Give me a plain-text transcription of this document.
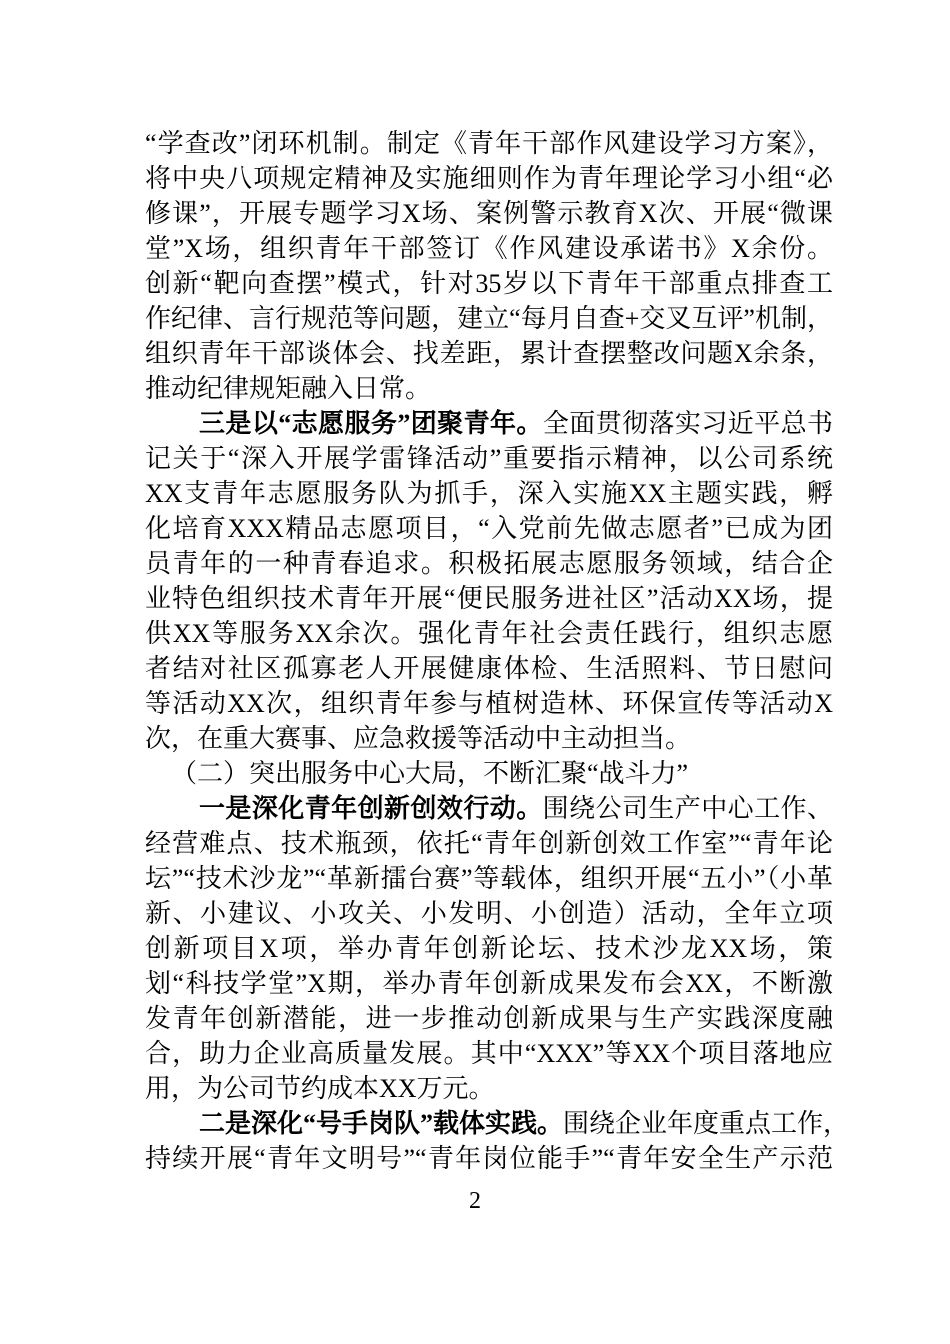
“学查改”闭环机制。制定《青年干部作风建设学习方案》，
将中央八项规定精神及实施细则作为青年理论学习小组“必
修课”，开展专题学习X场、案例警示教育X次、开展“微课
堂”X场，组织青年干部签订《作风建设承诺书》X余份。
创新“靶向查摆”模式，针对35岁以下青年干部重点排查工
作纪律、言行规范等问题，建立“每月自查+交叉互评”机制，
组织青年干部谈体会、找差距，累计查摆整改问题X余条，
推动纪律规矩融入日常。
三是以“志愿服务”团聚青年。全面贯彻落实习近平总书
记关于“深入开展学雷锋活动”重要指示精神，以公司系统
XX支青年志愿服务队为抓手，深入实施XX主题实践，孵
化培育XXX精品志愿项目，“入党前先做志愿者”已成为团
员青年的一种青春追求。积极拓展志愿服务领域，结合企
业特色组织技术青年开展“便民服务进社区”活动XX场，提
供XX等服务XX余次。强化青年社会责任践行，组织志愿
者结对社区孤寡老人开展健康体检、生活照料、节日慰问
等活动XX次，组织青年参与植树造林、环保宣传等活动X
次，在重大赛事、应急救援等活动中主动担当。
（二）突出服务中心大局，不断汇聚“战斗力”
一是深化青年创新创效行动。围绕公司生产中心工作、
经营难点、技术瓶颈，依托“青年创新创效工作室”“青年论
坛”“技术沙龙”“革新擂台赛”等载体，组织开展“五小”（小革
新、小建议、小攻关、小发明、小创造）活动，全年立项
创新项目X项，举办青年创新论坛、技术沙龙XX场，策
划“科技学堂”X期，举办青年创新成果发布会XX，不断激
发青年创新潜能，进一步推动创新成果与生产实践深度融
合，助力企业高质量发展。其中“XXX”等XX个项目落地应
用，为公司节约成本XX万元。
二是深化“号手岗队”载体实践。围绕企业年度重点工作，
持续开展“青年文明号”“青年岗位能手”“青年安全生产示范
2
